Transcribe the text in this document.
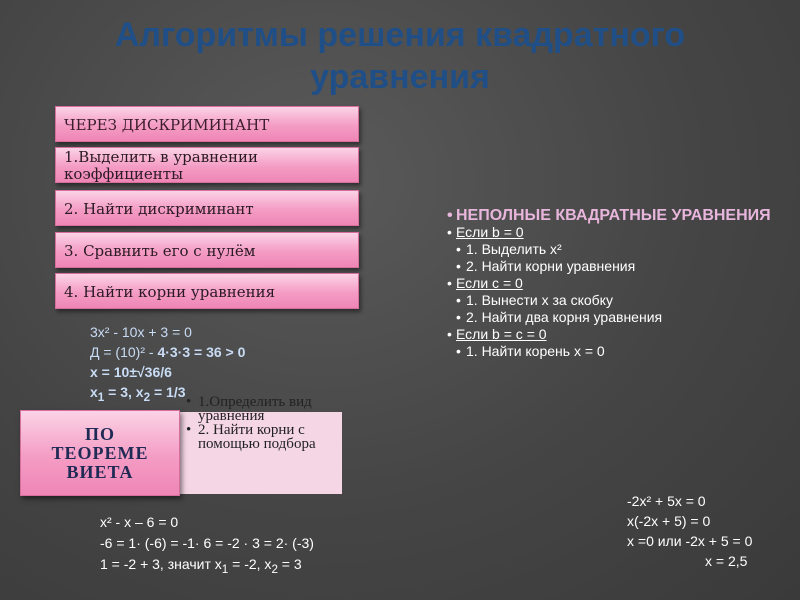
Алгоритмы решения квадратного уравнения
ЧЕРЕЗ ДИСКРИМИНАНТ
1.Выделить в уравнении коэффициенты
2. Найти дискриминант
3. Сравнить его с нулём
4. Найти корни уравнения
3x² - 10x + 3 = 0
Д = (10)² - 4·3·3 = 36 > 0
x = 10±√36/6
$x_1 = 3$, $x_2 = 1/3$
• 1.Определить вид уравнения
• 2. Найти корни с помощью подбора
ПО ТЕОРЕМЕ ВИЕТА
x² - x – 6 = 0
-6 = 1· (-6) = -1· 6 = -2 · 3 = 2· (-3)
1 = -2 + 3, значит $x_1 = -2$, $x_2 = 3$
• НЕПОЛНЫЕ КВАДРАТНЫЕ УРАВНЕНИЯ
• Если b = 0
• 1. Выделить x²
• 2. Найти корни уравнения
• Если c = 0
• 1. Вынести x за скобку
• 2. Найти два корня уравнения
• Если b = c = 0
• 1. Найти корень x = 0
-2x² + 5x = 0
x(-2x + 5) = 0
x =0 или -2x + 5 = 0
x = 2,5
